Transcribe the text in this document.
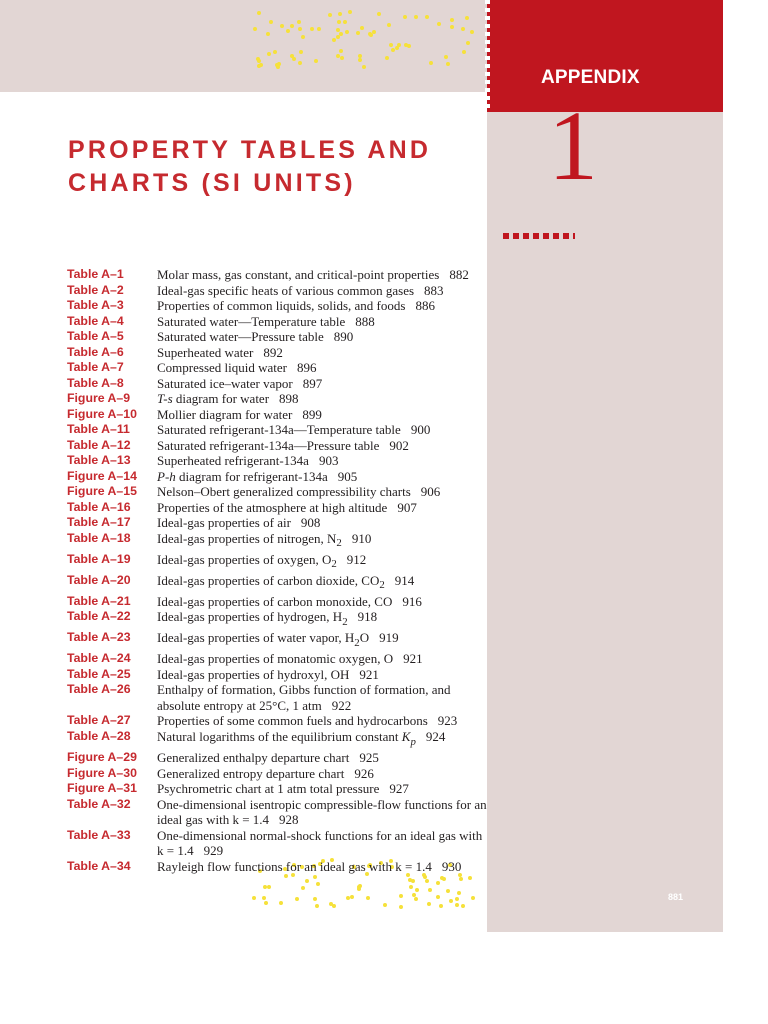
APPENDIX
1
PROPERTY TABLES AND
CHARTS (SI UNITS)
Table A–1	Molar mass, gas constant, and critical-point properties 882
Table A–2	Ideal-gas specific heats of various common gases 883
Table A–3	Properties of common liquids, solids, and foods 886
Table A–4	Saturated water—Temperature table 888
Table A–5	Saturated water—Pressure table 890
Table A–6	Superheated water 892
Table A–7	Compressed liquid water 896
Table A–8	Saturated ice–water vapor 897
Figure A–9	T-s diagram for water 898
Figure A–10	Mollier diagram for water 899
Table A–11	Saturated refrigerant-134a—Temperature table 900
Table A–12	Saturated refrigerant-134a—Pressure table 902
Table A–13	Superheated refrigerant-134a 903
Figure A–14	P-h diagram for refrigerant-134a 905
Figure A–15	Nelson–Obert generalized compressibility charts 906
Table A–16	Properties of the atmosphere at high altitude 907
Table A–17	Ideal-gas properties of air 908
Table A–18	Ideal-gas properties of nitrogen, $N_2$ 910
Table A–19	Ideal-gas properties of oxygen, $O_2$ 912
Table A–20	Ideal-gas properties of carbon dioxide, $CO_2$ 914
Table A–21	Ideal-gas properties of carbon monoxide, CO 916
Table A–22	Ideal-gas properties of hydrogen, $H_2$ 918
Table A–23	Ideal-gas properties of water vapor, $H_2O$ 919
Table A–24	Ideal-gas properties of monatomic oxygen, O 921
Table A–25	Ideal-gas properties of hydroxyl, OH 921
Table A–26	Enthalpy of formation, Gibbs function of formation, and absolute entropy at 25°C, 1 atm 922
Table A–27	Properties of some common fuels and hydrocarbons 923
Table A–28	Natural logarithms of the equilibrium constant $K_p$ 924
Figure A–29	Generalized enthalpy departure chart 925
Figure A–30	Generalized entropy departure chart 926
Figure A–31	Psychrometric chart at 1 atm total pressure 927
Table A–32	One-dimensional isentropic compressible-flow functions for an ideal gas with k = 1.4 928
Table A–33	One-dimensional normal-shock functions for an ideal gas with k = 1.4 929
Table A–34	Rayleigh flow functions for an ideal gas with k = 1.4 930
881
